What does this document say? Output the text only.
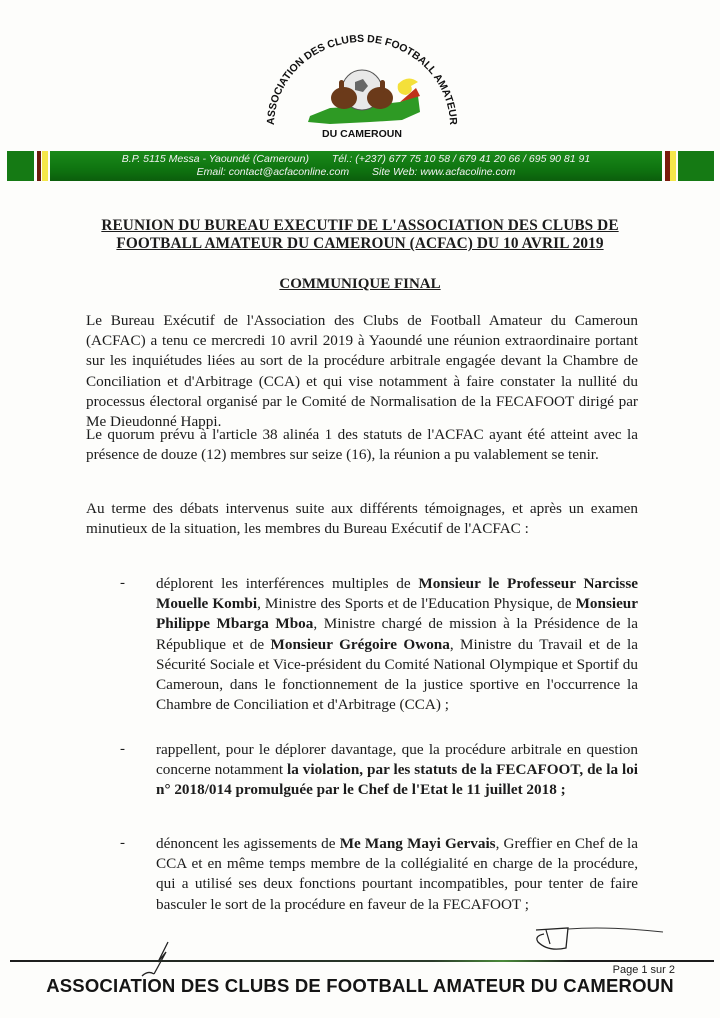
ASSOCIATION DES CLUBS DE FOOTBALL AMATEUR
DU CAMEROUN
B.P. 5115 Messa - Yaoundé (Cameroun) Tél.: (+237) 677 75 10 58 / 679 41 20 66 / 695 90 81 91
Email: contact@acfaconline.com Site Web: www.acfacoline.com
REUNION DU BUREAU EXECUTIF DE L'ASSOCIATION DES CLUBS DE
FOOTBALL AMATEUR DU CAMEROUN (ACFAC) DU 10 AVRIL 2019
COMMUNIQUE FINAL
Le Bureau Exécutif de l'Association des Clubs de Football Amateur du Cameroun (ACFAC) a tenu ce mercredi 10 avril 2019 à Yaoundé une réunion extraordinaire portant sur les inquiétudes liées au sort de la procédure arbitrale engagée devant la Chambre de Conciliation et d'Arbitrage (CCA) et qui vise notamment à faire constater la nullité du processus électoral organisé par le Comité de Normalisation de la FECAFOOT dirigé par Me Dieudonné Happi.
Le quorum prévu à l'article 38 alinéa 1 des statuts de l'ACFAC ayant été atteint avec la présence de douze (12) membres sur seize (16), la réunion a pu valablement se tenir.
Au terme des débats intervenus suite aux différents témoignages, et après un examen minutieux de la situation, les membres du Bureau Exécutif de l'ACFAC :
-	déplorent les interférences multiples de Monsieur le Professeur Narcisse Mouelle Kombi, Ministre des Sports et de l'Education Physique, de Monsieur Philippe Mbarga Mboa, Ministre chargé de mission à la Présidence de la République et de Monsieur Grégoire Owona, Ministre du Travail et de la Sécurité Sociale et Vice-président du Comité National Olympique et Sportif du Cameroun, dans le fonctionnement de la justice sportive en l'occurrence la Chambre de Conciliation et d'Arbitrage (CCA) ;
-	rappellent, pour le déplorer davantage, que la procédure arbitrale en question concerne notamment la violation, par les statuts de la FECAFOOT, de la loi n° 2018/014 promulguée par le Chef de l'Etat le 11 juillet 2018 ;
-	dénoncent les agissements de Me Mang Mayi Gervais, Greffier en Chef de la CCA et en même temps membre de la collégialité en charge de la procédure, qui a utilisé ses deux fonctions pourtant incompatibles, pour tenter de faire basculer le sort de la procédure en faveur de la FECAFOOT ;
Page 1 sur 2
ASSOCIATION DES CLUBS DE FOOTBALL AMATEUR DU CAMEROUN
